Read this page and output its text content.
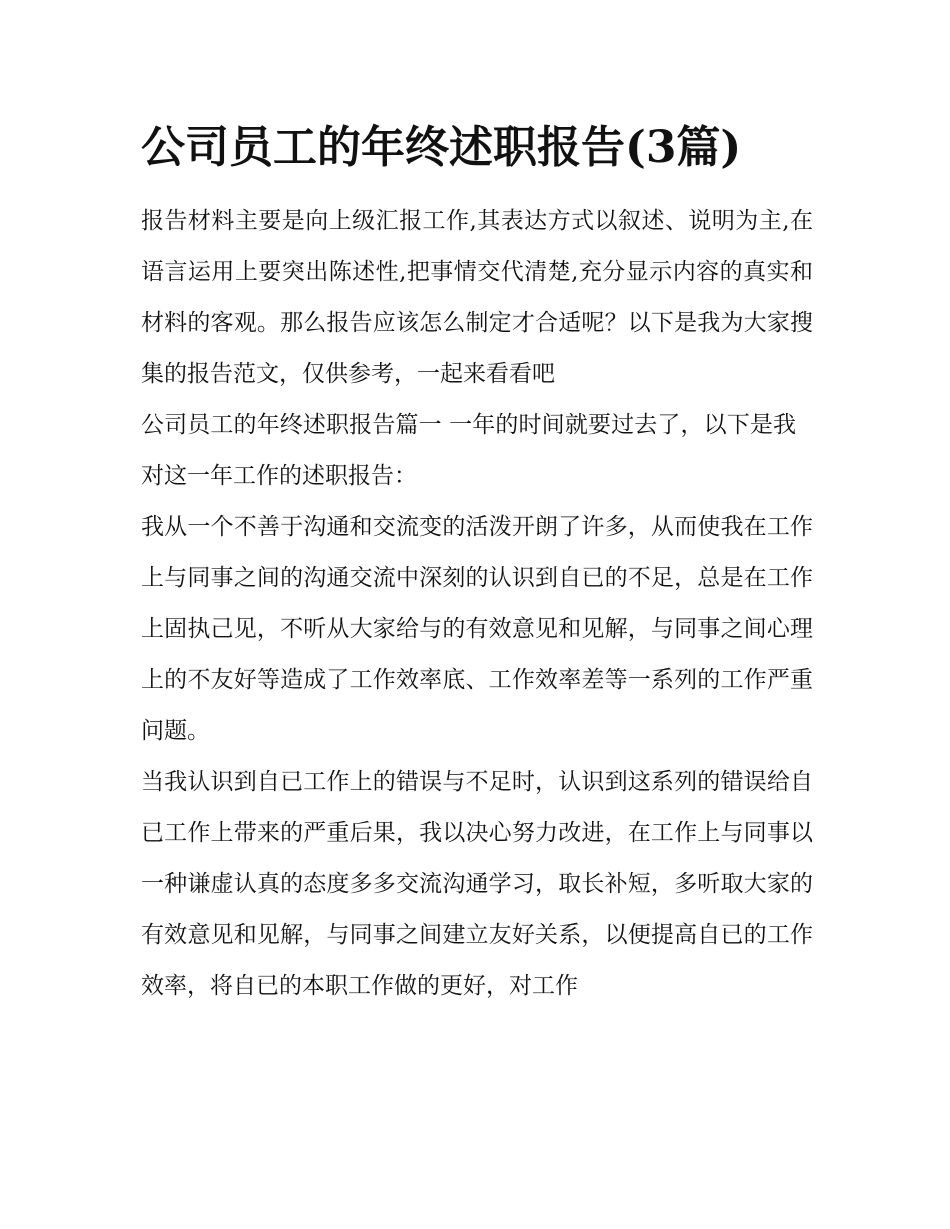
公司员工的年终述职报告(3篇)

报告材料主要是向上级汇报工作,其表达方式以叙述、说明为主,在语言运用上要突出陈述性,把事情交代清楚,充分显示内容的真实和材料的客观。那么报告应该怎么制定才合适呢？以下是我为大家搜集的报告范文，仅供参考，一起来看看吧

公司员工的年终述职报告篇一 一年的时间就要过去了，以下是我对这一年工作的述职报告：

我从一个不善于沟通和交流变的活泼开朗了许多，从而使我在工作上与同事之间的沟通交流中深刻的认识到自已的不足，总是在工作上固执己见，不听从大家给与的有效意见和见解，与同事之间心理上的不友好等造成了工作效率底、工作效率差等一系列的工作严重问题。

当我认识到自已工作上的错误与不足时，认识到这系列的错误给自已工作上带来的严重后果，我以决心努力改进，在工作上与同事以一种谦虚认真的态度多多交流沟通学习，取长补短，多听取大家的有效意见和见解，与同事之间建立友好关系，以便提高自已的工作效率，将自已的本职工作做的更好，对工作
